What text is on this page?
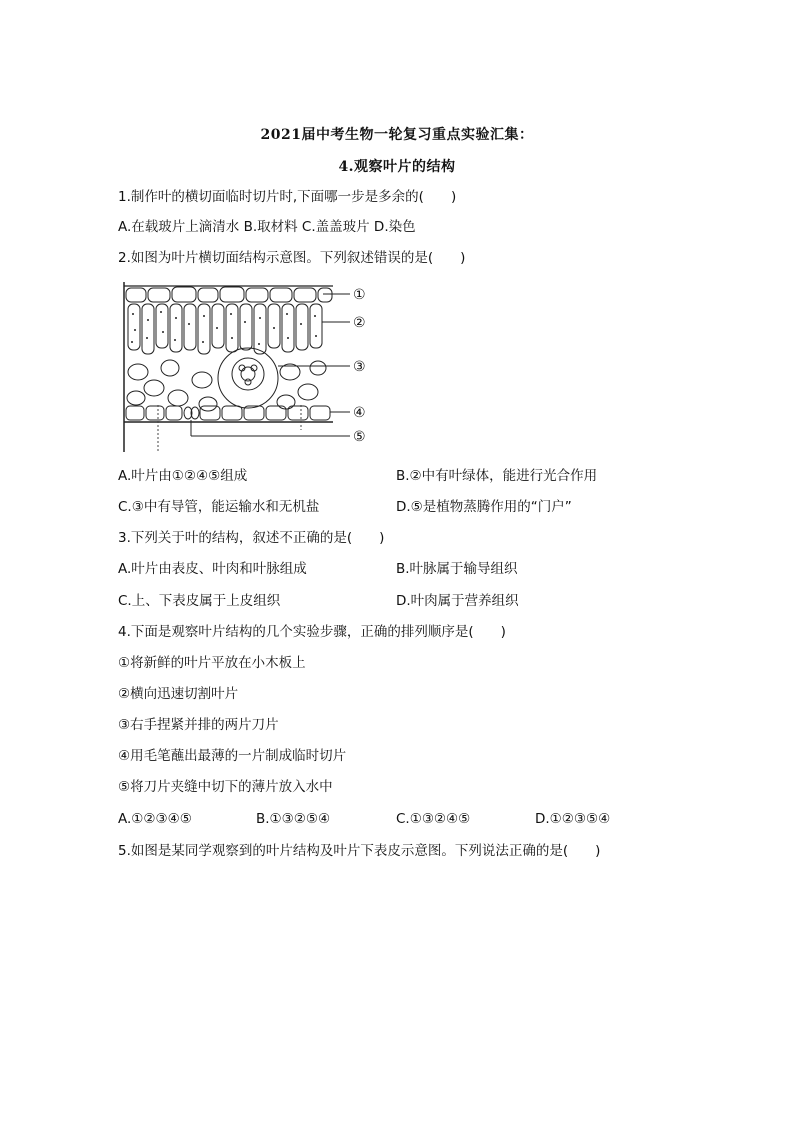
2021届中考生物一轮复习重点实验汇集：
4.观察叶片的结构
1.制作叶的横切面临时切片时,下面哪一步是多余的(　　)
A.在载玻片上滴清水 B.取材料 C.盖盖玻片 D.染色
2.如图为叶片横切面结构示意图。下列叙述错误的是(　　)
①
②
③
④
⑤
A.叶片由①②④⑤组成	B.②中有叶绿体，能进行光合作用
C.③中有导管，能运输水和无机盐	D.⑤是植物蒸腾作用的“门户”
3.下列关于叶的结构，叙述不正确的是(　　)
A.叶片由表皮、叶肉和叶脉组成	B.叶脉属于输导组织
C.上、下表皮属于上皮组织	D.叶肉属于营养组织
4.下面是观察叶片结构的几个实验步骤，正确的排列顺序是(　　)
①将新鲜的叶片平放在小木板上
②横向迅速切割叶片
③右手捏紧并排的两片刀片
④用毛笔蘸出最薄的一片制成临时切片
⑤将刀片夹缝中切下的薄片放入水中
A.①②③④⑤	B.①③②⑤④	C.①③②④⑤	D.①②③⑤④
5.如图是某同学观察到的叶片结构及叶片下表皮示意图。下列说法正确的是(　　)
